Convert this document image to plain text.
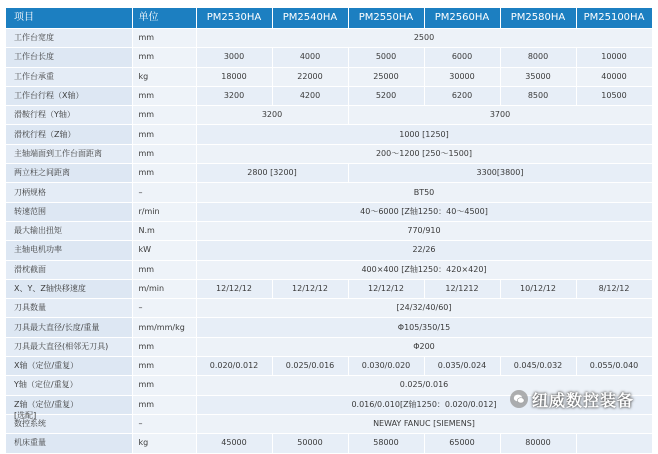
项目	单位	PM2530HA	PM2540HA	PM2550HA	PM2560HA	PM2580HA	PM25100HA
工作台宽度	mm	2500					
工作台长度	mm	3000	4000	5000	6000	8000	10000
工作台承重	kg	18000	22000	25000	30000	35000	40000
工作台行程（X轴）	mm	3200	4200	5200	6200	8500	10500
滑鞍行程（Y轴）	mm	3200		3700			
滑枕行程（Z轴）	mm	1000 [1250]					
主轴端面到工作台面距离	mm	200～1200 [250～1500]					
两立柱之间距离	mm	2800 [3200]		3300[3800]			
刀柄规格	–	BT50					
转速范围	r/min	40～6000 [Z轴1250：40～4500]					
最大输出扭矩	N.m	770/910					
主轴电机功率	kW	22/26					
滑枕截面	mm	400×400 [Z轴1250：420×420]					
X、Y、Z轴快移速度	m/min	12/12/12	12/12/12	12/12/12	12/1212	10/12/12	8/12/12
刀具数量	–	[24/32/40/60]					
刀具最大直径/长度/重量	mm/mm/kg	Φ105/350/15					
刀具最大直径(相邻无刀具)	mm	Φ200					
X轴（定位/重复）	mm	0.020/0.012	0.025/0.016	0.030/0.020	0.035/0.024	0.045/0.032	0.055/0.040
Y轴（定位/重复）	mm	0.025/0.016					
Z轴（定位/重复）	mm	0.016/0.010[Z轴1250：0.020/0.012]					
数控系统	–	NEWAY FANUC [SIEMENS]					
机床重量	kg	45000	50000	58000	65000	80000	
[选配]
纽威数控装备
